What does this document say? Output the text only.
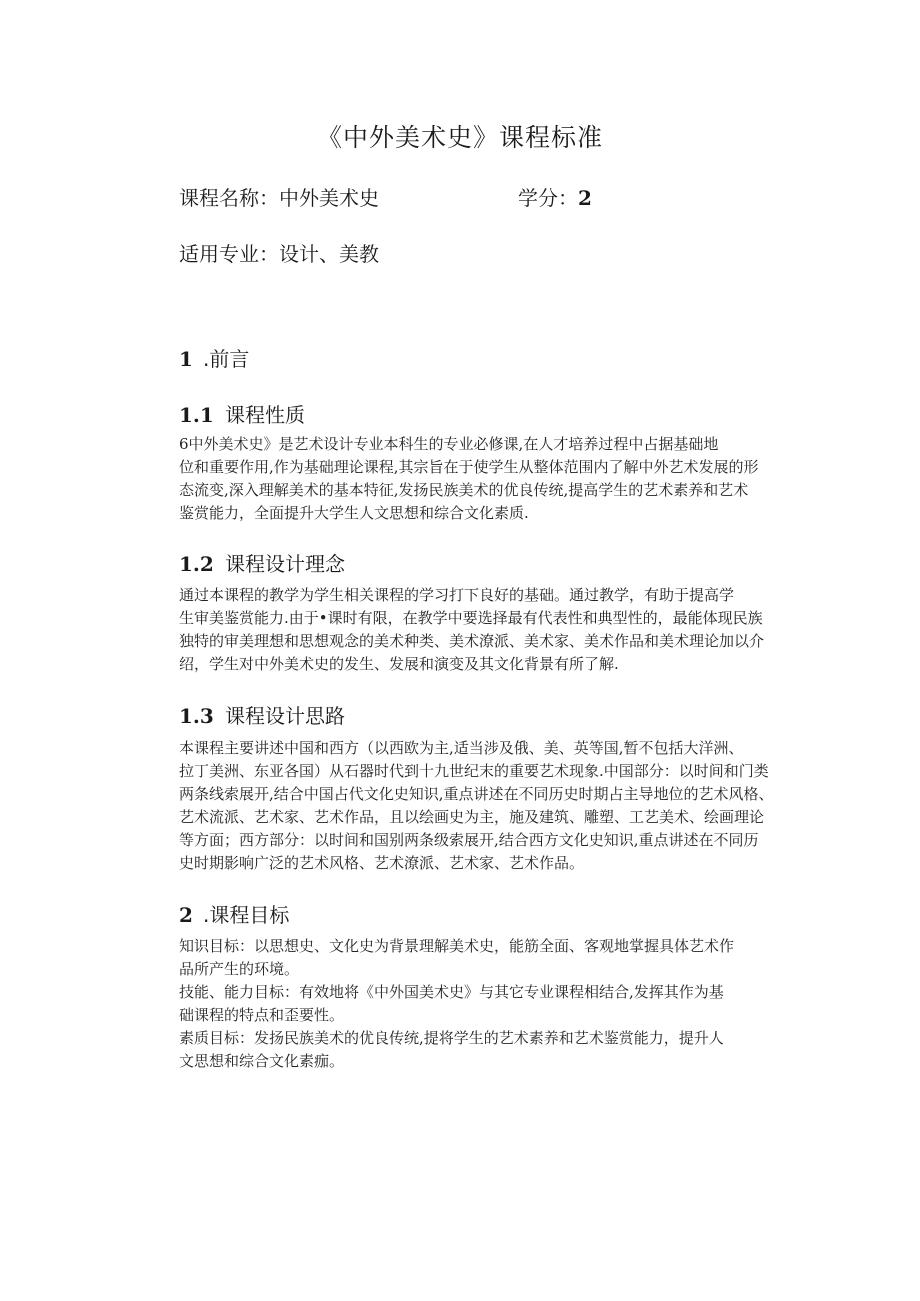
《中外美术史》课程标准
课程名称：中外美术史	学分：2
适用专业：设计、美教
1 .前言
1.1 课程性质
6中外美术史》是艺术设计专业本科生的专业必修课,在人才培养过程中占据基础地
位和重要作用,作为基础理论课程,其宗旨在于使学生从整体范围内了解中外艺术发展的形
态流变,深入理解美术的基本特征,发扬民族美术的优良传统,提高学生的艺术素养和艺术
鉴赏能力，全面提升大学生人文思想和综合文化素质.
1.2 课程设计理念
通过本课程的教学为学生相关课程的学习打下良好的基础。通过教学，有助于提高学
生审美鉴赏能力.由于•课时有限，在教学中要选择最有代表性和典型性的，最能体现民族
独特的审美理想和思想观念的美术种类、美术潦派、美术家、美术作品和美术理论加以介
绍，学生对中外美术史的发生、发展和演变及其文化背景有所了解.
1.3 课程设计思路
本课程主要讲述中国和西方（以西欧为主,适当涉及俄、美、英等国,暂不包括大洋洲、
拉丁美洲、东亚各国）从石器时代到十九世纪末的重要艺术现象.中国部分：以时间和门类
两条线索展开,结合中国占代文化史知识,重点讲述在不同历史时期占主导地位的艺术风格、
艺术流派、艺术家、艺术作品，且以绘画史为主，施及建筑、雕塑、工艺美术、绘画理论
等方面；西方部分：以时间和国别两条级索展开,结合西方文化史知识,重点讲述在不同历
史时期影响广泛的艺术风格、艺术潦派、艺术家、艺术作品。
2 .课程目标
知识目标：以思想史、文化史为背景理解美术史，能筋全面、客观地掌握具体艺术作
品所产生的环境。
技能、能力目标：有效地将《中外国美术史》与其它专业课程相结合,发挥其作为基
础课程的特点和歪要性。
素质目标：发扬民族美术的优良传统,提将学生的艺术素养和艺术鉴赏能力，提升人
文思想和综合文化素痂。
